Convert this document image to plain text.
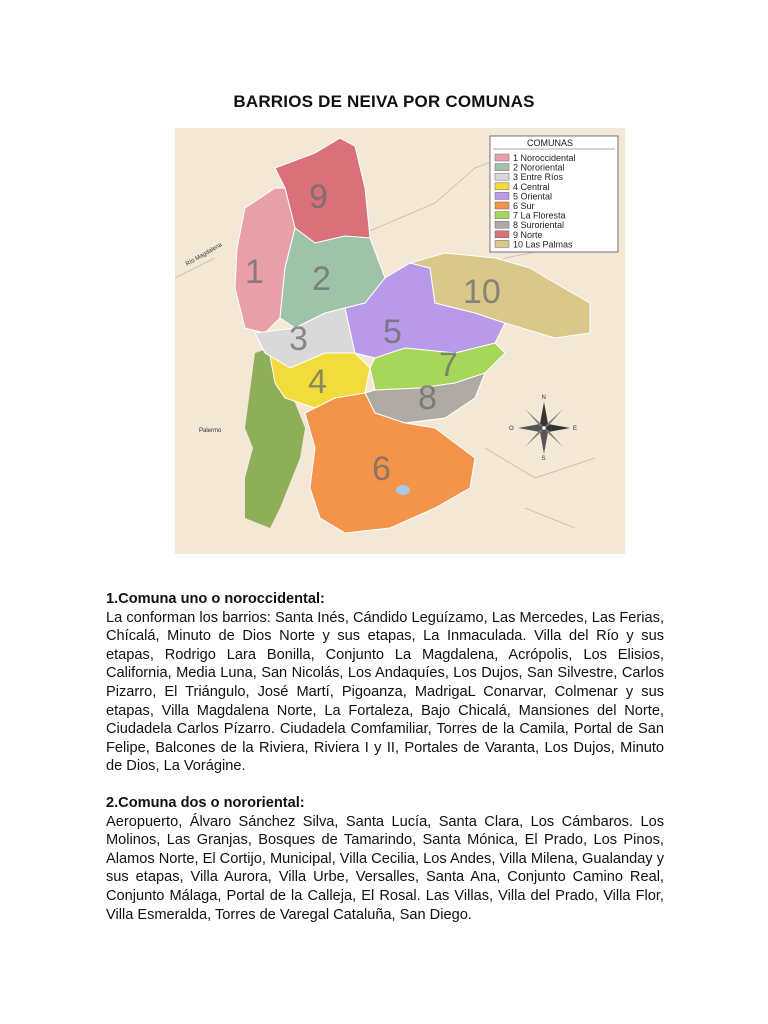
BARRIOS DE NEIVA POR COMUNAS
9
1 2
3 5
10
4	7
8
6
Río Magdalena
Palermo
N
S
E
O
COMUNAS
1 Noroccidental
2 Nororiental
3 Entre Ríos
4 Central
5 Oriental
6 Sur
7 La Floresta
8 Suroriental
9 Norte
10 Las Palmas
1.Comuna uno o noroccidental:

La conforman los barrios: Santa Inés, Cándido Leguízamo, Las Mercedes, Las Ferias, Chícalá, Minuto de Dios Norte y sus etapas, La Inmaculada. Villa del Río y sus etapas, Rodrigo Lara Bonilla, Conjunto La Magdalena, Acrópolis, Los Elisios, California, Media Luna, San Nicolás, Los Andaquíes, Los Dujos, San Silvestre, Carlos Pizarro, El Triángulo, José Martí, Pigoanza, MadrigaL Conarvar, Colmenar y sus etapas, Villa Magdalena Norte, La Fortaleza, Bajo Chicalá, Mansiones del Norte, Ciudadela Carlos Pízarro. Ciudadela Comfamiliar, Torres de la Camila, Portal de San Felipe, Balcones de la Riviera, Riviera I y II, Portales de Varanta, Los Dujos, Minuto de Dios, La Vorágine.

2.Comuna dos o nororiental:

Aeropuerto, Álvaro Sánchez Silva, Santa Lucía, Santa Clara, Los Cámbaros. Los Molinos, Las Granjas, Bosques de Tamarindo, Santa Mónica, El Prado, Los Pinos, Alamos Norte, El Cortijo, Municipal, Villa Cecilia, Los Andes, Villa Milena, Gualanday y sus etapas, Villa Aurora, Villa Urbe, Versalles, Santa Ana, Conjunto Camino Real, Conjunto Málaga, Portal de la Calleja, El Rosal. Las Villas, Villa del Prado, Villa Flor, Villa Esmeralda, Torres de Varegal Cataluña, San Diego.
